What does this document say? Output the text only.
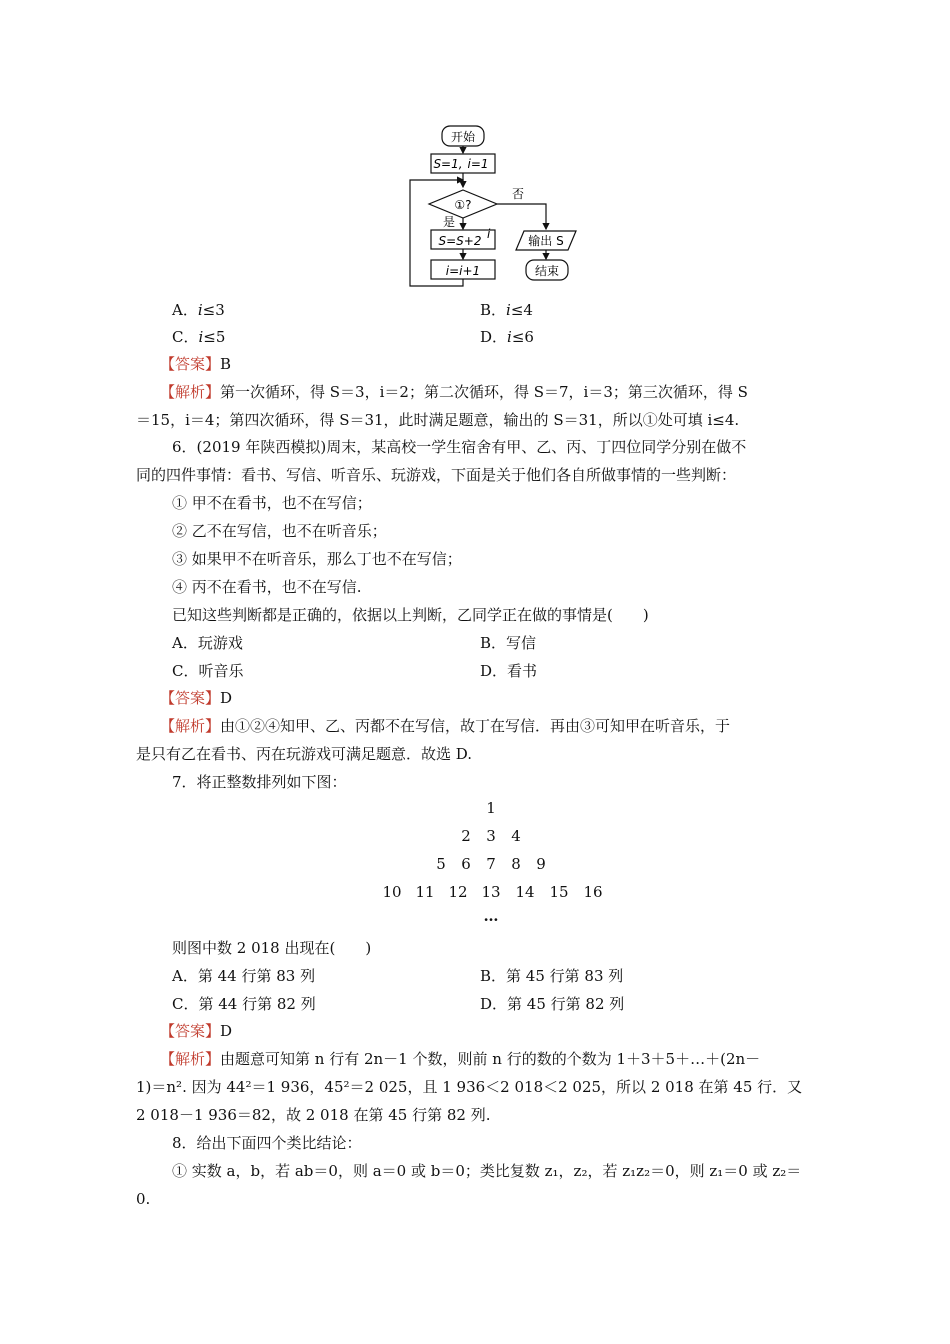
开始
S=1, i=1
①?
是
否
S=S+2 i
i=i+1
输出 S
结束
A．i≤3	B．i≤4
C．i≤5	D．i≤6
【答案】B
【解析】第一次循环，得 S＝3，i＝2；第二次循环，得 S＝7，i＝3；第三次循环，得 S
＝15，i＝4；第四次循环，得 S＝31，此时满足题意，输出的 S＝31，所以①处可填 i≤4.
6．(2019 年陕西模拟)周末，某高校一学生宿舍有甲、乙、丙、丁四位同学分别在做不
同的四件事情：看书、写信、听音乐、玩游戏，下面是关于他们各自所做事情的一些判断：
① 甲不在看书，也不在写信；
② 乙不在写信，也不在听音乐；
③ 如果甲不在听音乐，那么丁也不在写信；
④ 丙不在看书，也不在写信.
已知这些判断都是正确的，依据以上判断，乙同学正在做的事情是(　　)
A．玩游戏	B．写信
C．听音乐	D．看书
【答案】D
【解析】由①②④知甲、乙、丙都不在写信，故丁在写信．再由③可知甲在听音乐，于
是只有乙在看书、丙在玩游戏可满足题意．故选 D.
7．将正整数排列如下图：
1
2	3	4
5	6	7	8	9
10 11 12 13 14 15 16
…
则图中数 2 018 出现在(　　)
A．第 44 行第 83 列	B．第 45 行第 83 列
C．第 44 行第 82 列	D．第 45 行第 82 列
【答案】D
【解析】由题意可知第 n 行有 2n－1 个数，则前 n 行的数的个数为 1＋3＋5＋…＋(2n－
1)＝n². 因为 44²＝1 936，45²＝2 025，且 1 936＜2 018＜2 025，所以 2 018 在第 45 行．又
2 018－1 936＝82，故 2 018 在第 45 行第 82 列.
8．给出下面四个类比结论：
① 实数 a，b，若 ab＝0，则 a＝0 或 b＝0；类比复数 z₁，z₂，若 z₁z₂＝0，则 z₁＝0 或 z₂＝
0.
